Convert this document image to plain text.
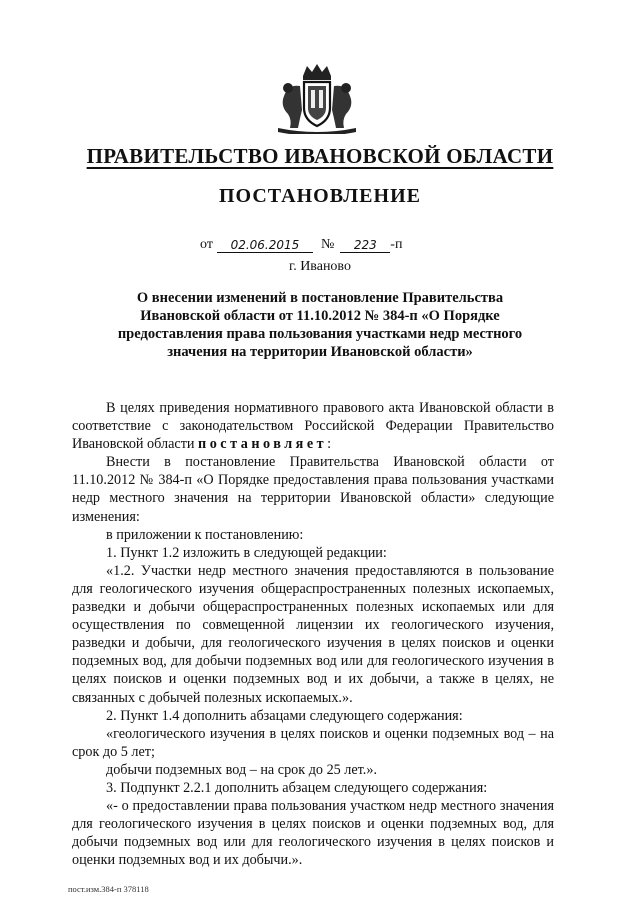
ПРАВИТЕЛЬСТВО ИВАНОВСКОЙ ОБЛАСТИ
ПОСТАНОВЛЕНИЕ
от	02.06.2015	№	223 -п
г. Иваново
О внесении изменений в постановление Правительства Ивановской области от 11.10.2012 № 384-п «О Порядке предоставления права пользования участками недр местного значения на территории Ивановской области»

В целях приведения нормативного правового акта Ивановской области в соответствие с законодательством Российской Федерации Правительство Ивановской области постановляет:

Внести в постановление Правительства Ивановской области от 11.10.2012 № 384-п «О Порядке предоставления права пользования участками недр местного значения на территории Ивановской области» следующие изменения:

в приложении к постановлению:

1. Пункт 1.2 изложить в следующей редакции:

«1.2. Участки недр местного значения предоставляются в пользование для геологического изучения общераспространенных полезных ископаемых, разведки и добычи общераспространенных полезных ископаемых или для осуществления по совмещенной лицензии их геологического изучения, разведки и добычи, для геологического изучения в целях поисков и оценки подземных вод, для добычи подземных вод или для геологического изучения в целях поисков и оценки подземных вод и их добычи, а также в целях, не связанных с добычей полезных ископаемых.».

2. Пункт 1.4 дополнить абзацами следующего содержания:

«геологического изучения в целях поисков и оценки подземных вод – на срок до 5 лет;

добычи подземных вод – на срок до 25 лет.».

3. Подпункт 2.2.1 дополнить абзацем следующего содержания:

«- о предоставлении права пользования участком недр местного значения для геологического изучения в целях поисков и оценки подземных вод, для добычи подземных вод или для геологического изучения в целях поисков и оценки подземных вод и их добычи.».

пост.изм.384-п 378118
